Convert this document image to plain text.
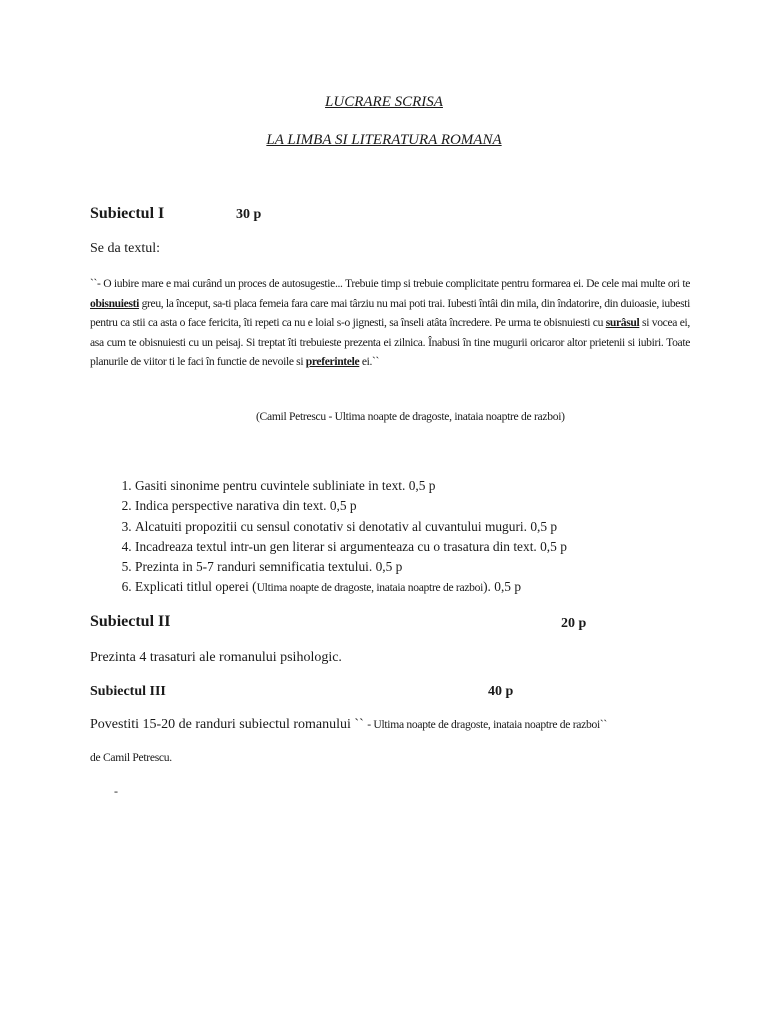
LUCRARE SCRISA
LA LIMBA SI LITERATURA ROMANA
Subiectul I	30 p
Se da textul:
``- O iubire mare e mai curând un proces de autosugestie... Trebuie timp si trebuie complicitate pentru formarea ei. De cele mai multe ori te obisnuiesti greu, la început, sa-ti placa femeia fara care mai târziu nu mai poti trai. Iubesti întâi din mila, din îndatorire, din duioasie, iubesti pentru ca stii ca asta o face fericita, îti repeti ca nu e loial s-o jignesti, sa înseli atâta încredere. Pe urma te obisnuiesti cu surâsul si vocea ei, asa cum te obisnuiesti cu un peisaj. Si treptat îti trebuieste prezenta ei zilnica. Înabusi în tine mugurii oricaror altor prietenii si iubiri. Toate planurile de viitor ti le faci în functie de nevoile si preferintele ei.``
(Camil Petrescu - Ultima noapte de dragoste, inataia noaptre de razboi)
1. Gasiti sinonime pentru cuvintele subliniate in text. 0,5 p
2. Indica perspective narativa din text. 0,5 p
3. Alcatuiti propozitii cu sensul conotativ si denotativ al cuvantului muguri. 0,5 p
4. Incadreaza textul intr-un gen literar si argumenteaza cu o trasatura din text. 0,5 p
5. Prezinta in 5-7 randuri semnificatia textului. 0,5 p
6. Explicati titlul operei (Ultima noapte de dragoste, inataia noaptre de razboi). 0,5 p
Subiectul II	20 p
Prezinta 4 trasaturi ale romanului psihologic.
Subiectul III	40 p
Povestiti 15-20 de randuri subiectul romanului `` - Ultima noapte de dragoste, inataia noaptre de razboi``
de Camil Petrescu.
-
